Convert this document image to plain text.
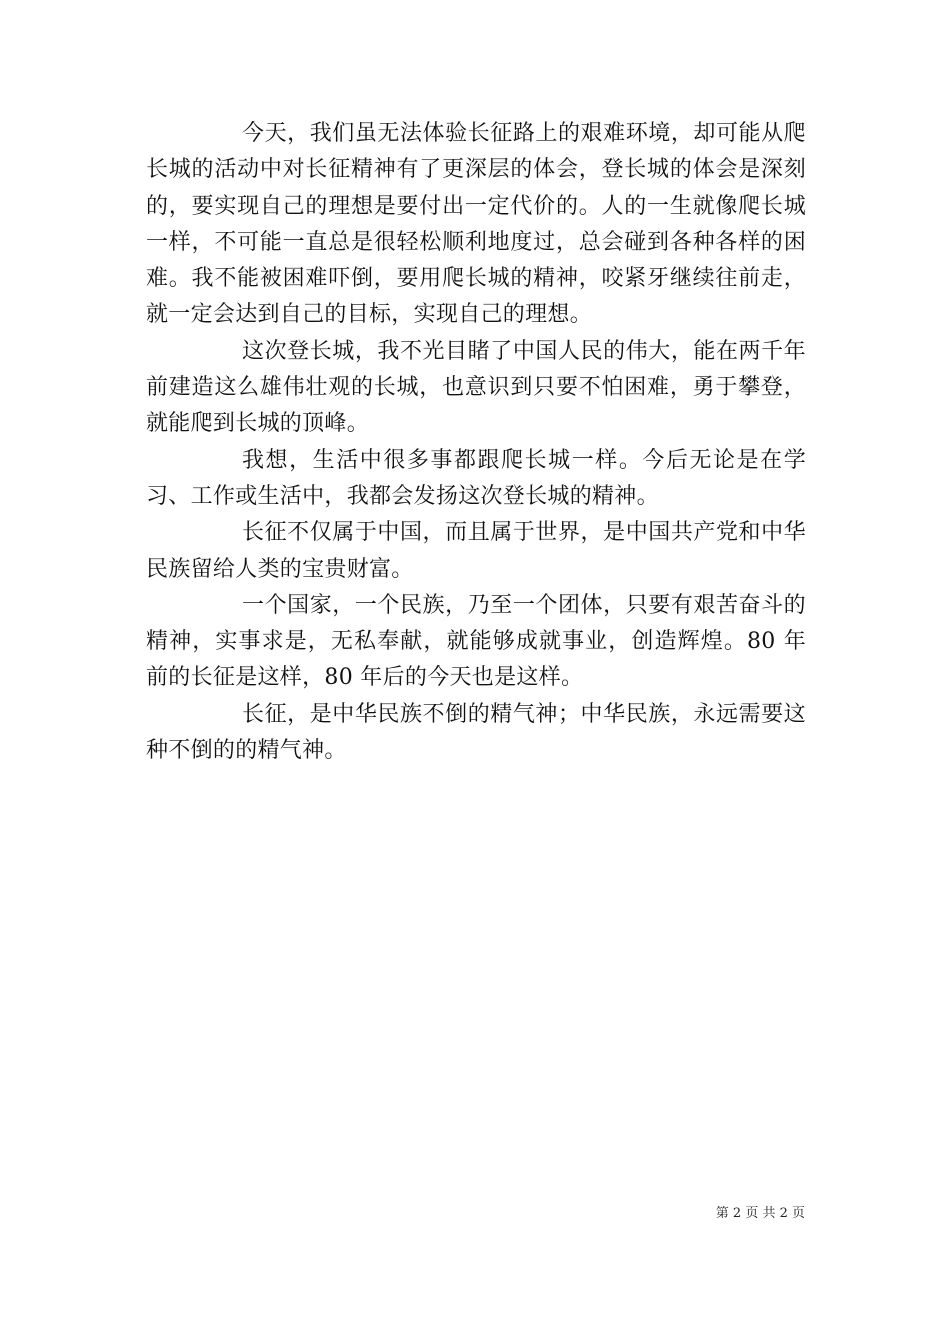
今天，我们虽无法体验长征路上的艰难环境，却可能从爬长城的活动中对长征精神有了更深层的体会，登长城的体会是深刻的，要实现自己的理想是要付出一定代价的。人的一生就像爬长城一样，不可能一直总是很轻松顺利地度过，总会碰到各种各样的困难。我不能被困难吓倒，要用爬长城的精神，咬紧牙继续往前走，就一定会达到自己的目标，实现自己的理想。

这次登长城，我不光目睹了中国人民的伟大，能在两千年前建造这么雄伟壮观的长城，也意识到只要不怕困难，勇于攀登，就能爬到长城的顶峰。

我想，生活中很多事都跟爬长城一样。今后无论是在学习、工作或生活中，我都会发扬这次登长城的精神。

长征不仅属于中国，而且属于世界，是中国共产党和中华民族留给人类的宝贵财富。

一个国家，一个民族，乃至一个团体，只要有艰苦奋斗的精神，实事求是，无私奉献，就能够成就事业，创造辉煌。80 年前的长征是这样，80 年后的今天也是这样。

长征，是中华民族不倒的精气神；中华民族，永远需要这种不倒的的精气神。

第 2 页 共 2 页
